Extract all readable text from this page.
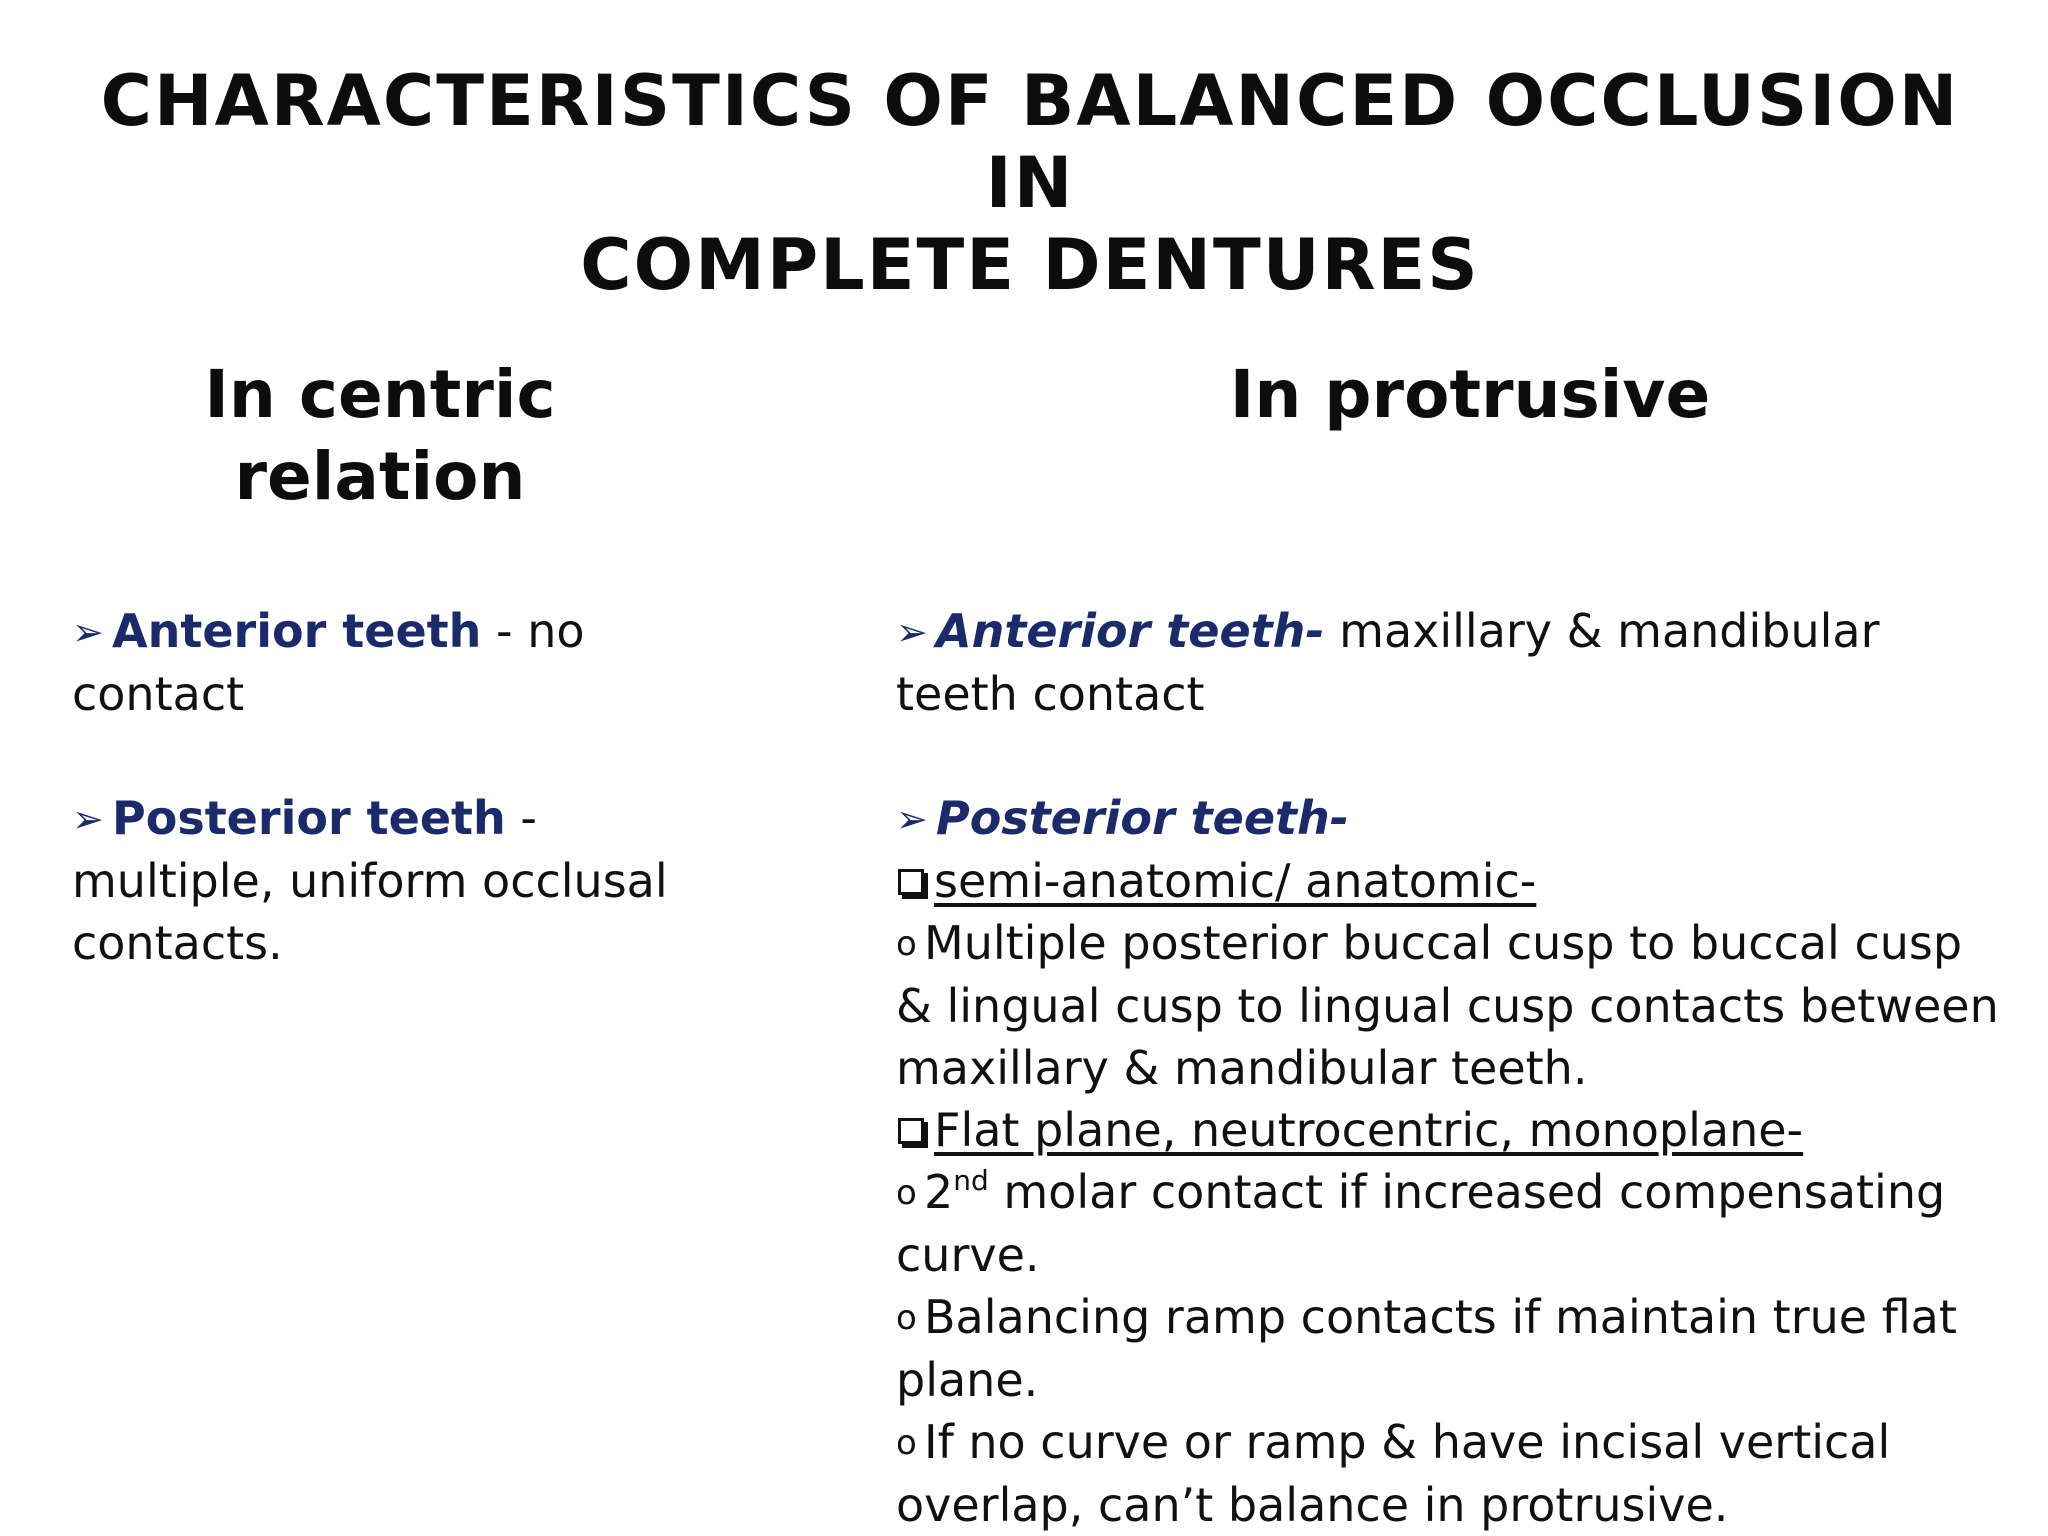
CHARACTERISTICS OF BALANCED OCCLUSION IN
COMPLETE DENTURES
In centric
relation
In protrusive

➢ Anterior teeth - no
contact

➢ Posterior teeth -
multiple, uniform occlusal
contacts.

➢ Anterior teeth- maxillary & mandibular
teeth contact

➢ Posterior teeth-
semi-anatomic/ anatomic-
o Multiple posterior buccal cusp to buccal cusp
& lingual cusp to lingual cusp contacts between
maxillary & mandibular teeth.
Flat plane, neutrocentric, monoplane-
o 2nd molar contact if increased compensating
curve.
o Balancing ramp contacts if maintain true flat
plane.
o If no curve or ramp & have incisal vertical
overlap, can’t balance in protrusive.
